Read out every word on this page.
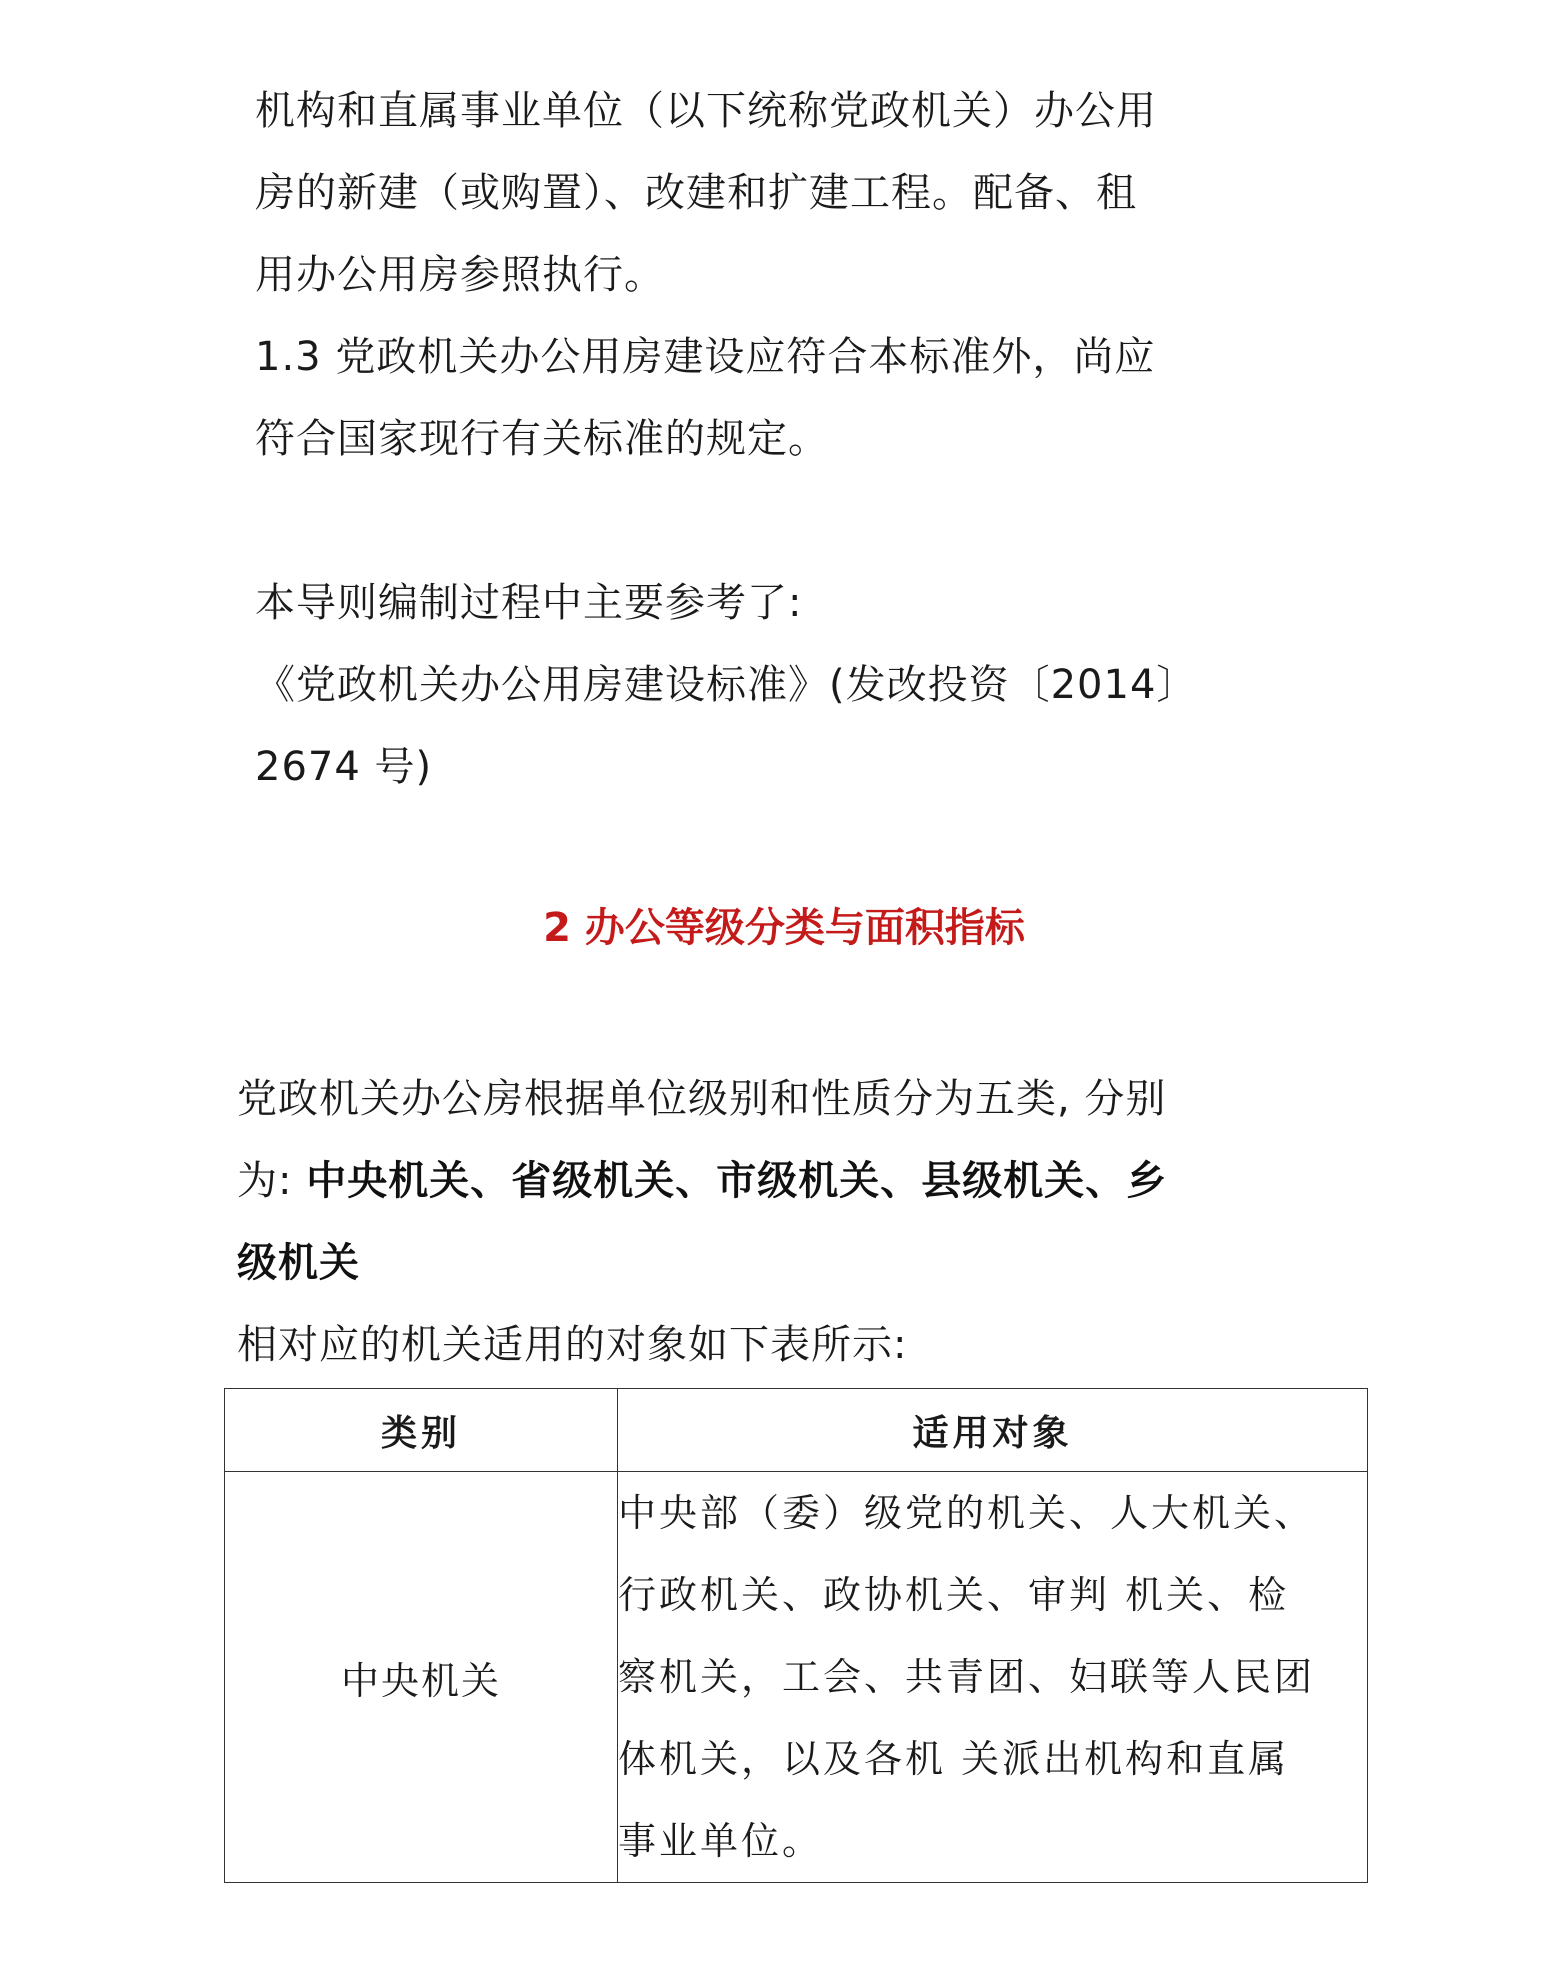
机构和直属事业单位（以下统称党政机关）办公用
房的新建（或购置）、改建和扩建工程。配备、租
用办公用房参照执行。
1.3 党政机关办公用房建设应符合本标准外，尚应
符合国家现行有关标准的规定。
本导则编制过程中主要参考了:
《党政机关办公用房建设标准》(发改投资〔2014〕
2674 号)
2 办公等级分类与面积指标
党政机关办公房根据单位级别和性质分为五类, 分别
为: 中央机关、省级机关、市级机关、县级机关、乡
级机关
相对应的机关适用的对象如下表所示:
类别	适用对象
中央机关	中央部（委）级党的机关、人大机关、
行政机关、政协机关、审判 机关、检
察机关，工会、共青团、妇联等人民团
体机关，以及各机 关派出机构和直属
事业单位。
